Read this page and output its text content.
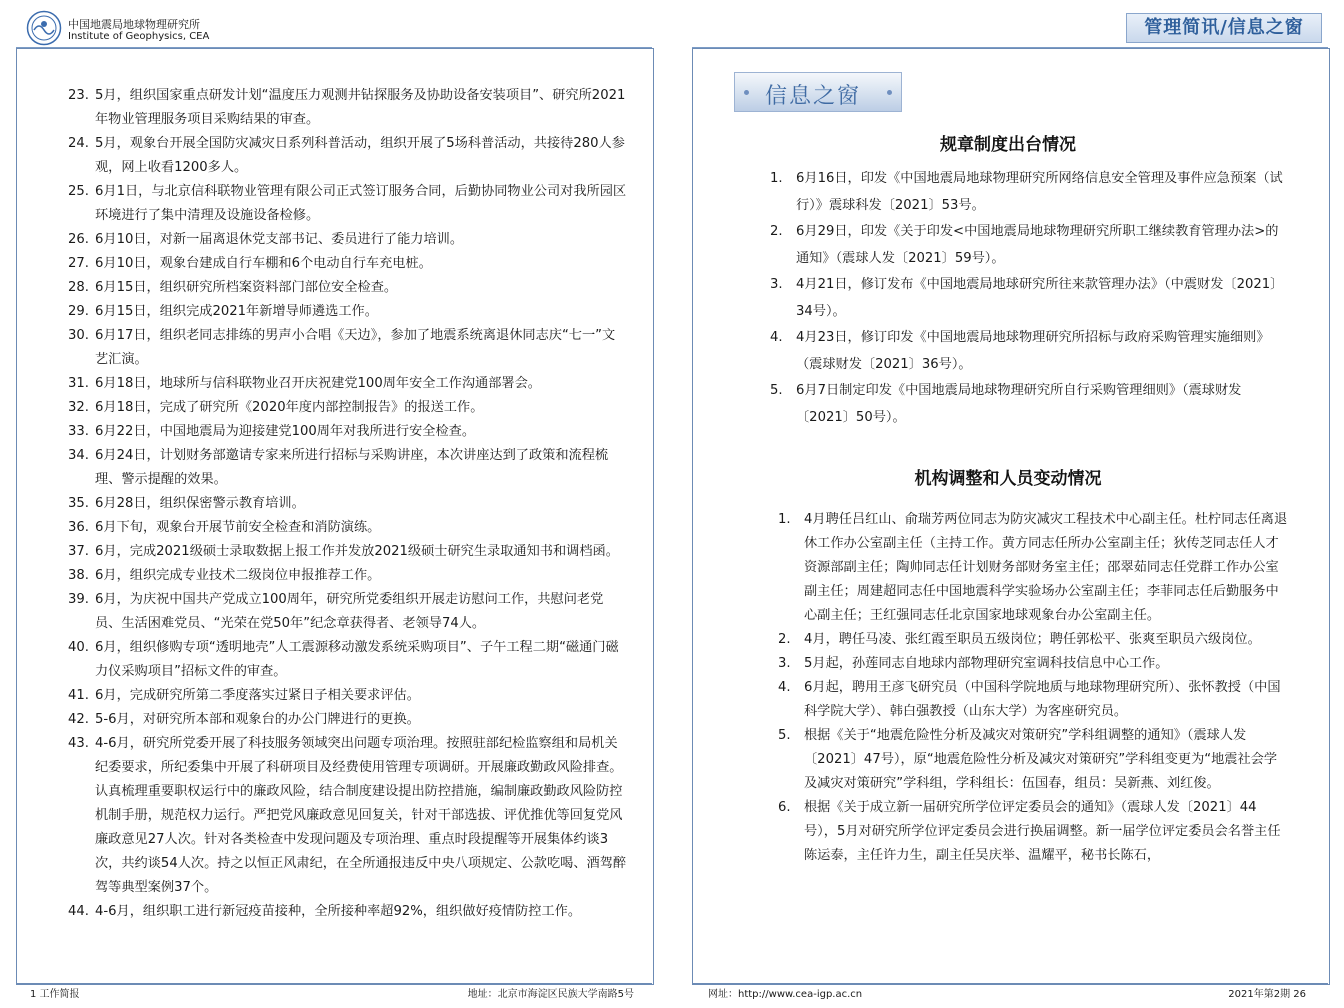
中国地震局地球物理研究所
Institute of Geophysics, CEA
23. 5月，组织国家重点研发计划“温度压力观测井钻探服务及协助设备安装项目”、研究所2021年物业管理服务项目采购结果的审查。
24. 5月，观象台开展全国防灾减灾日系列科普活动，组织开展了5场科普活动，共接待280人参观，网上收看1200多人。
25. 6月1日，与北京信科联物业管理有限公司正式签订服务合同，后勤协同物业公司对我所园区环境进行了集中清理及设施设备检修。
26. 6月10日，对新一届离退休党支部书记、委员进行了能力培训。
27. 6月10日，观象台建成自行车棚和6个电动自行车充电桩。
28. 6月15日，组织研究所档案资料部门部位安全检查。
29. 6月15日，组织完成2021年新增导师遴选工作。
30. 6月17日，组织老同志排练的男声小合唱《天边》，参加了地震系统离退休同志庆“七一”文艺汇演。
31. 6月18日，地球所与信科联物业召开庆祝建党100周年安全工作沟通部署会。
32. 6月18日，完成了研究所《2020年度内部控制报告》的报送工作。
33. 6月22日，中国地震局为迎接建党100周年对我所进行安全检查。
34. 6月24日，计划财务部邀请专家来所进行招标与采购讲座，本次讲座达到了政策和流程梳理、警示提醒的效果。
35. 6月28日，组织保密警示教育培训。
36. 6月下旬，观象台开展节前安全检查和消防演练。
37. 6月，完成2021级硕士录取数据上报工作并发放2021级硕士研究生录取通知书和调档函。
38. 6月，组织完成专业技术二级岗位申报推荐工作。
39. 6月，为庆祝中国共产党成立100周年，研究所党委组织开展走访慰问工作，共慰问老党员、生活困难党员、“光荣在党50年”纪念章获得者、老领导74人。
40. 6月，组织修购专项“透明地壳”人工震源移动激发系统采购项目”、子午工程二期“磁通门磁力仪采购项目”招标文件的审查。
41. 6月，完成研究所第二季度落实过紧日子相关要求评估。
42. 5-6月，对研究所本部和观象台的办公门牌进行的更换。
43. 4-6月，研究所党委开展了科技服务领域突出问题专项治理。按照驻部纪检监察组和局机关纪委要求，所纪委集中开展了科研项目及经费使用管理专项调研。开展廉政勤政风险排查。认真梳理重要职权运行中的廉政风险，结合制度建设提出防控措施，编制廉政勤政风险防控机制手册，规范权力运行。严把党风廉政意见回复关，针对干部选拔、评优推优等回复党风廉政意见27人次。针对各类检查中发现问题及专项治理、重点时段提醒等开展集体约谈3次，共约谈54人次。持之以恒正风肃纪，在全所通报违反中央八项规定、公款吃喝、酒驾醉驾等典型案例37个。
44. 4-6月，组织职工进行新冠疫苗接种，全所接种率超92%，组织做好疫情防控工作。
1 工作简报	地址：北京市海淀区民族大学南路5号
管理简讯/信息之窗
信息之窗
规章制度出台情况
1. 6月16日，印发《中国地震局地球物理研究所网络信息安全管理及事件应急预案（试行）》震球科发〔2021〕53号。
2. 6月29日，印发《关于印发<中国地震局地球物理研究所职工继续教育管理办法>的通知》（震球人发〔2021〕59号）。
3. 4月21日，修订发布《中国地震局地球研究所往来款管理办法》（中震财发〔2021〕34号）。
4. 4月23日，修订印发《中国地震局地球物理研究所招标与政府采购管理实施细则》（震球财发〔2021〕36号）。
5. 6月7日制定印发《中国地震局地球物理研究所自行采购管理细则》（震球财发〔2021〕50号）。
机构调整和人员变动情况
1. 4月聘任吕红山、俞瑞芳两位同志为防灾减灾工程技术中心副主任。杜柠同志任离退休工作办公室副主任（主持工作。黄方同志任所办公室副主任；狄传芝同志任人才资源部副主任；陶帅同志任计划财务部财务室主任；邵翠茹同志任党群工作办公室副主任；周建超同志任中国地震科学实验场办公室副主任；李菲同志任后勤服务中心副主任；王红强同志任北京国家地球观象台办公室副主任。
2. 4月，聘任马凌、张红霞至职员五级岗位；聘任郭松平、张爽至职员六级岗位。
3. 5月起，孙莲同志自地球内部物理研究室调科技信息中心工作。
4. 6月起，聘用王彦飞研究员（中国科学院地质与地球物理研究所）、张怀教授（中国科学院大学）、韩白强教授（山东大学）为客座研究员。
5. 根据《关于“地震危险性分析及减灾对策研究”学科组调整的通知》（震球人发〔2021〕47号），原“地震危险性分析及减灾对策研究”学科组变更为“地震社会学及减灾对策研究”学科组，学科组长：伍国春，组员：吴新燕、刘红俊。
6. 根据《关于成立新一届研究所学位评定委员会的通知》（震球人发〔2021〕44号），5月对研究所学位评定委员会进行换届调整。新一届学位评定委员会名誉主任陈运泰，主任许力生，副主任吴庆举、温耀平，秘书长陈石，
网址：http://www.cea-igp.ac.cn	2021年第2期 26
